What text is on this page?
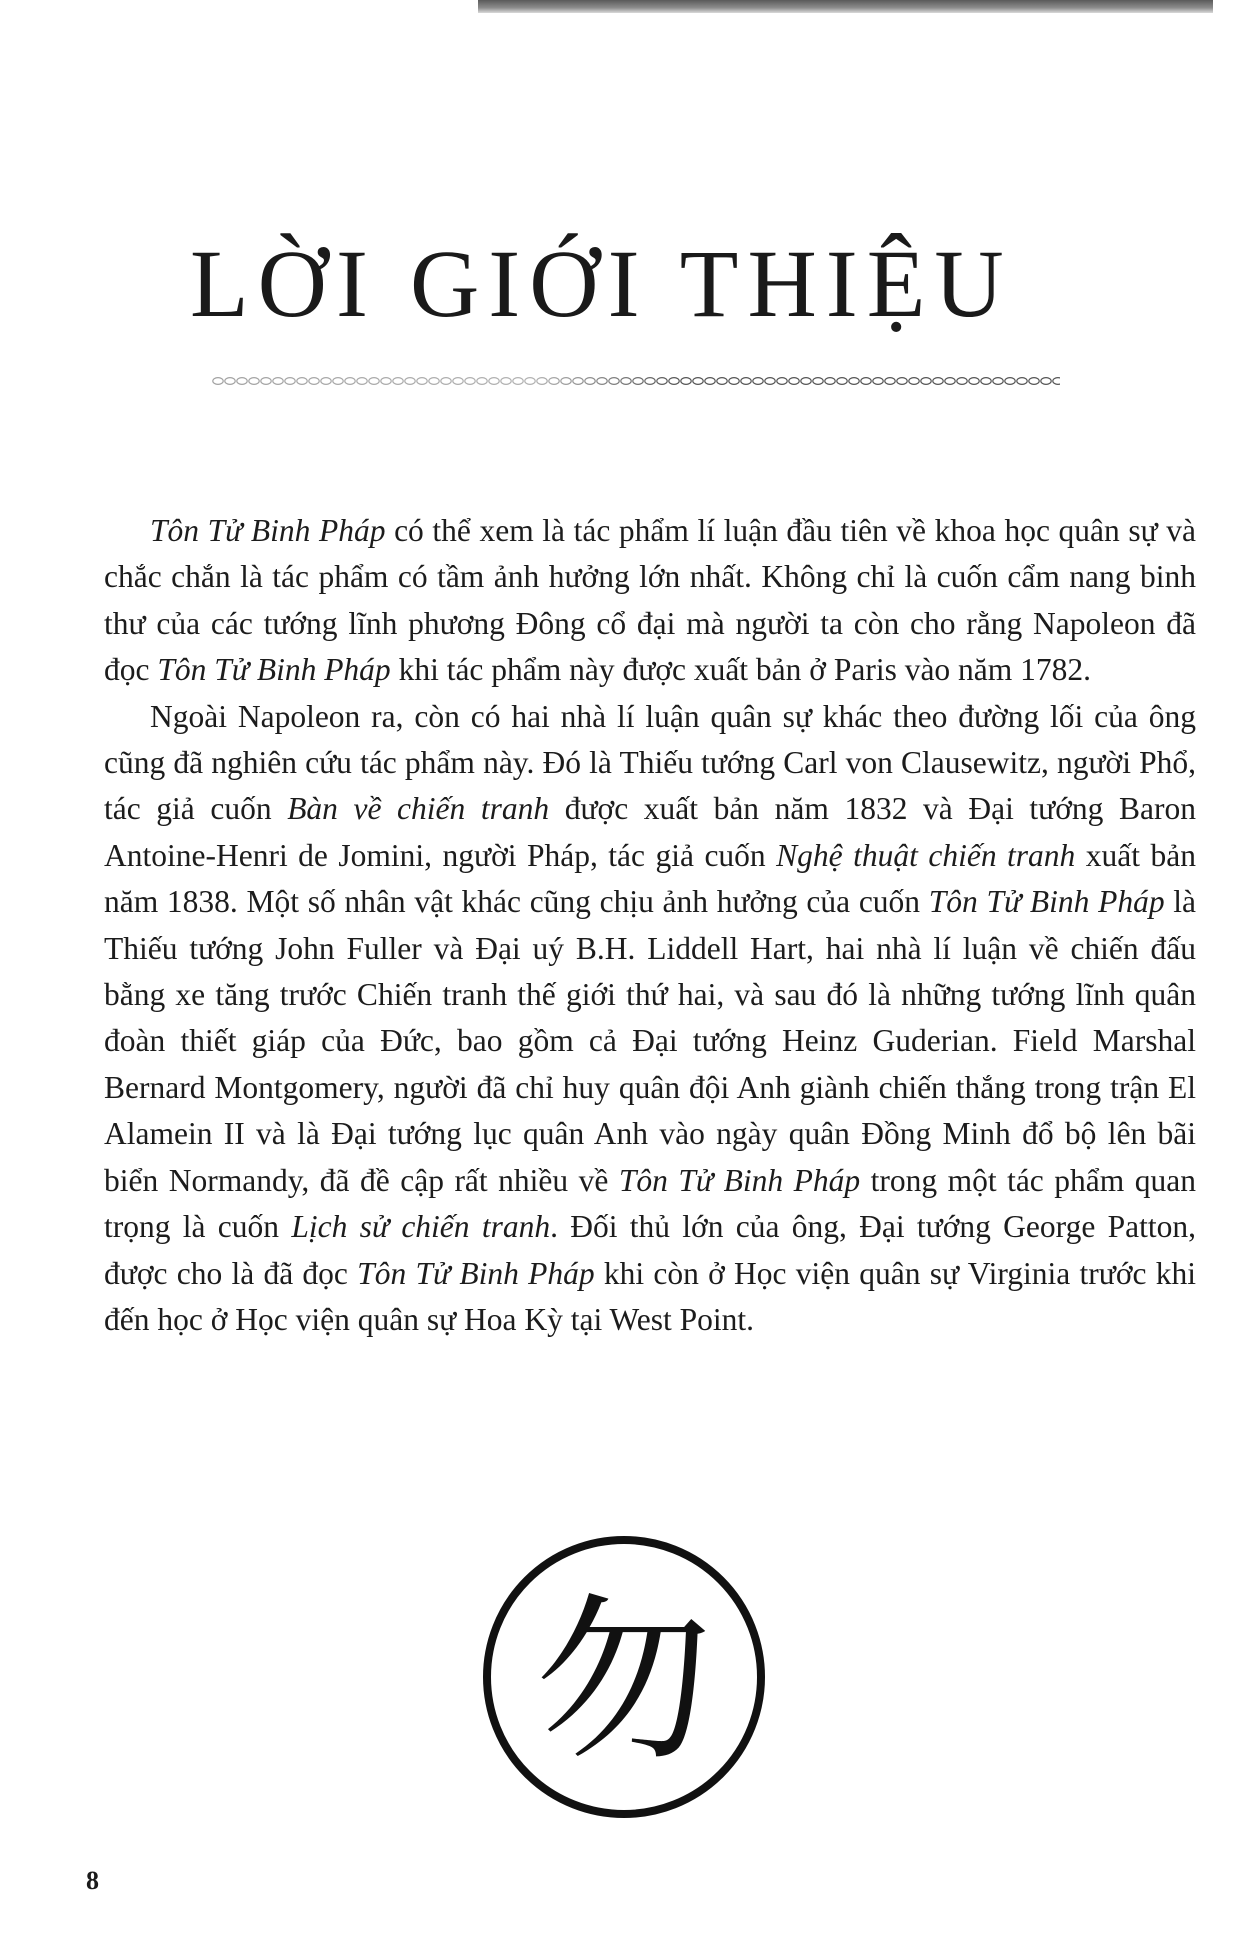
LỜI GIỚI THIỆU

Tôn Tử Binh Pháp có thể xem là tác phẩm lí luận đầu tiên về khoa học quân sự và chắc chắn là tác phẩm có tầm ảnh hưởng lớn nhất. Không chỉ là cuốn cẩm nang binh thư của các tướng lĩnh phương Đông cổ đại mà người ta còn cho rằng Napoleon đã đọc Tôn Tử Binh Pháp khi tác phẩm này được xuất bản ở Paris vào năm 1782.

Ngoài Napoleon ra, còn có hai nhà lí luận quân sự khác theo đường lối của ông cũng đã nghiên cứu tác phẩm này. Đó là Thiếu tướng Carl von Clausewitz, người Phổ, tác giả cuốn Bàn về chiến tranh được xuất bản năm 1832 và Đại tướng Baron Antoine-Henri de Jomini, người Pháp, tác giả cuốn Nghệ thuật chiến tranh xuất bản năm 1838. Một số nhân vật khác cũng chịu ảnh hưởng của cuốn Tôn Tử Binh Pháp là Thiếu tướng John Fuller và Đại uý B.H. Liddell Hart, hai nhà lí luận về chiến đấu bằng xe tăng trước Chiến tranh thế giới thứ hai, và sau đó là những tướng lĩnh quân đoàn thiết giáp của Đức, bao gồm cả Đại tướng Heinz Guderian. Field Marshal Bernard Montgomery, người đã chỉ huy quân đội Anh giành chiến thắng trong trận El Alamein II và là Đại tướng lục quân Anh vào ngày quân Đồng Minh đổ bộ lên bãi biển Normandy, đã đề cập rất nhiều về Tôn Tử Binh Pháp trong một tác phẩm quan trọng là cuốn Lịch sử chiến tranh. Đối thủ lớn của ông, Đại tướng George Patton, được cho là đã đọc Tôn Tử Binh Pháp khi còn ở Học viện quân sự Virginia trước khi đến học ở Học viện quân sự Hoa Kỳ tại West Point.

勿
8
